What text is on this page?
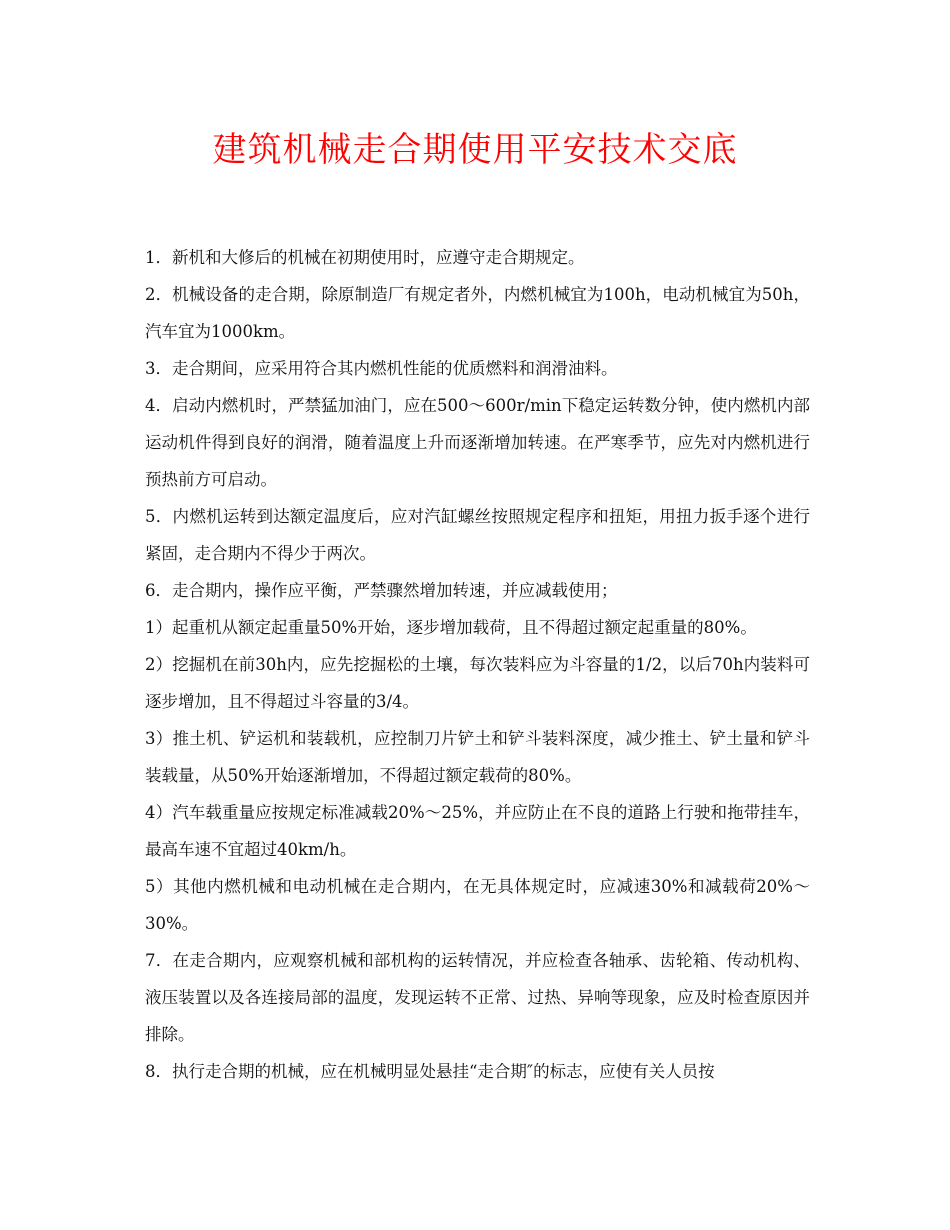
建筑机械走合期使用平安技术交底

1．新机和大修后的机械在初期使用时，应遵守走合期规定。

2．机械设备的走合期，除原制造厂有规定者外，内燃机械宜为100h，电动机械宜为50h，汽车宜为1000km。

3．走合期间，应采用符合其内燃机性能的优质燃料和润滑油料。

4．启动内燃机时，严禁猛加油门，应在500～600r/min下稳定运转数分钟，使内燃机内部运动机件得到良好的润滑，随着温度上升而逐渐增加转速。在严寒季节，应先对内燃机进行预热前方可启动。

5．内燃机运转到达额定温度后，应对汽缸螺丝按照规定程序和扭矩，用扭力扳手逐个进行紧固，走合期内不得少于两次。

6．走合期内，操作应平衡，严禁骤然增加转速，并应减载使用；

1）起重机从额定起重量50%开始，逐步增加载荷，且不得超过额定起重量的80%。

2）挖掘机在前30h内，应先挖掘松的土壤，每次装料应为斗容量的1/2，以后70h内装料可逐步增加，且不得超过斗容量的3/4。

3）推土机、铲运机和装载机，应控制刀片铲土和铲斗装料深度，减少推土、铲土量和铲斗装载量，从50%开始逐渐增加，不得超过额定载荷的80%。

4）汽车载重量应按规定标准减载20%～25%，并应防止在不良的道路上行驶和拖带挂车，最高车速不宜超过40km/h。

5）其他内燃机械和电动机械在走合期内，在无具体规定时，应减速30%和减载荷20%～30%。

7．在走合期内，应观察机械和部机构的运转情况，并应检查各轴承、齿轮箱、传动机构、液压装置以及各连接局部的温度，发现运转不正常、过热、异响等现象，应及时检查原因并排除。

8．执行走合期的机械，应在机械明显处悬挂“走合期″的标志，应使有关人员按
